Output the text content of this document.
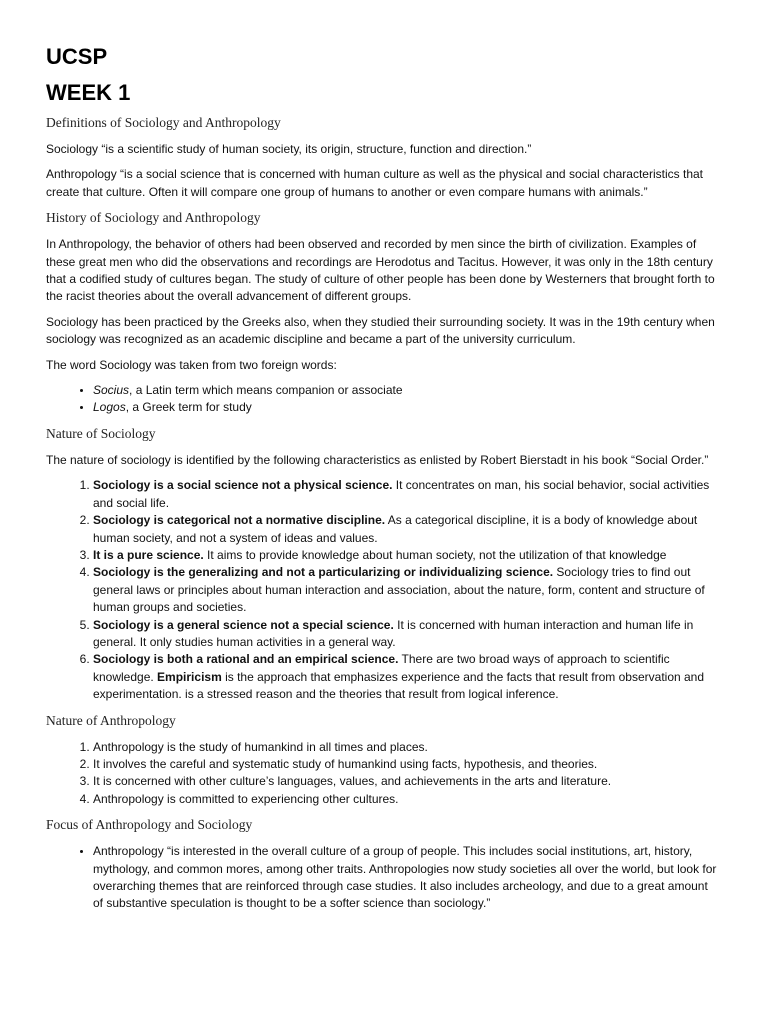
UCSP
WEEK 1
Definitions of Sociology and Anthropology

Sociology “is a scientific study of human society, its origin, structure, function and direction.”

Anthropology “is a social science that is concerned with human culture as well as the physical and social characteristics that create that culture. Often it will compare one group of humans to another or even compare humans with animals.”

History of Sociology and Anthropology

In Anthropology, the behavior of others had been observed and recorded by men since the birth of civilization. Examples of these great men who did the observations and recordings are Herodotus and Tacitus. However, it was only in the 18th century that a codified study of cultures began. The study of culture of other people has been done by Westerners that brought forth to the racist theories about the overall advancement of different groups.

Sociology has been practiced by the Greeks also, when they studied their surrounding society. It was in the 19th century when sociology was recognized as an academic discipline and became a part of the university curriculum.

The word Sociology was taken from two foreign words:

• Socius, a Latin term which means companion or associate
• Logos, a Greek term for study
Nature of Sociology

The nature of sociology is identified by the following characteristics as enlisted by Robert Bierstadt in his book “Social Order.”

1. Sociology is a social science not a physical science. It concentrates on man, his social behavior, social activities and social life.
2. Sociology is categorical not a normative discipline. As a categorical discipline, it is a body of knowledge about human society, and not a system of ideas and values.
3. It is a pure science. It aims to provide knowledge about human society, not the utilization of that knowledge
4. Sociology is the generalizing and not a particularizing or individualizing science. Sociology tries to find out general laws or principles about human interaction and association, about the nature, form, content and structure of human groups and societies.
5. Sociology is a general science not a special science. It is concerned with human interaction and human life in general. It only studies human activities in a general way.
6. Sociology is both a rational and an empirical science. There are two broad ways of approach to scientific knowledge. Empiricism is the approach that emphasizes experience and the facts that result from observation and experimentation. is a stressed reason and the theories that result from logical inference.
Nature of Anthropology
1. Anthropology is the study of humankind in all times and places.
2. It involves the careful and systematic study of humankind using facts, hypothesis, and theories.
3. It is concerned with other culture’s languages, values, and achievements in the arts and literature.
4. Anthropology is committed to experiencing other cultures.
Focus of Anthropology and Sociology
• Anthropology “is interested in the overall culture of a group of people. This includes social institutions, art, history, mythology, and common mores, among other traits. Anthropologies now study societies all over the world, but look for overarching themes that are reinforced through case studies. It also includes archeology, and due to a great amount of substantive speculation is thought to be a softer science than sociology.”
